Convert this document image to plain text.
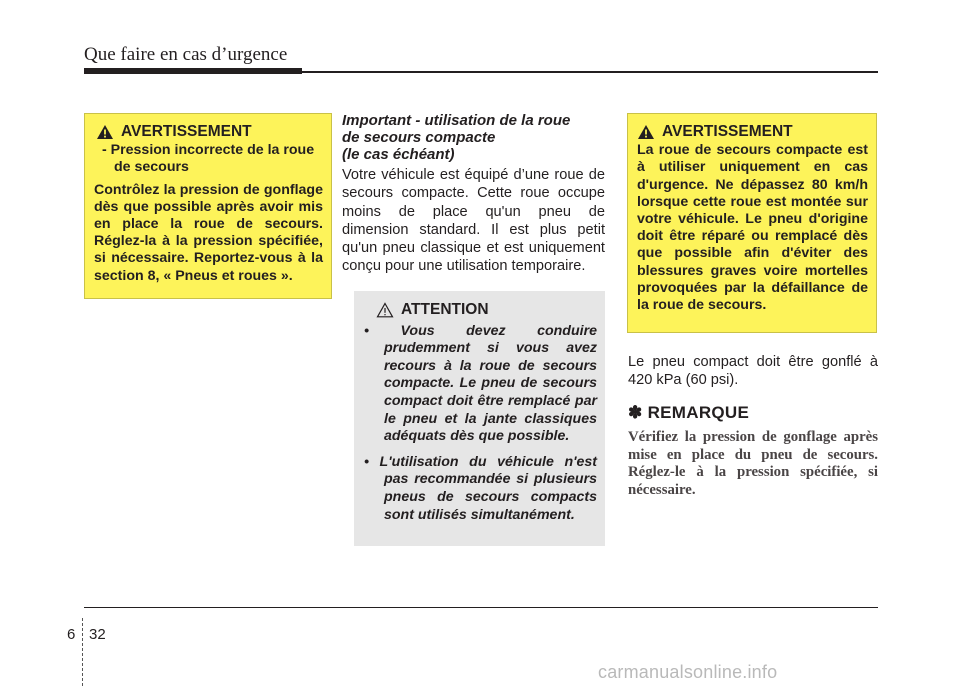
Que faire en cas d’urgence
AVERTISSEMENT
- Pression incorrecte de la roue de secours
Contrôlez la pression de gonflage dès que possible après avoir mis en place la roue de secours. Réglez-la à la pression spécifiée, si nécessaire. Reportez-vous à la section 8, « Pneus et roues ».
Important - utilisation de la roue
de secours compacte
(le cas échéant)
Votre véhicule est équipé d’une roue de secours compacte. Cette roue occupe moins de place qu'un pneu de dimension standard. Il est plus petit qu'un pneu classique et est uniquement conçu pour une utilisation temporaire.
ATTENTION
• Vous devez conduire prudemment si vous avez recours à la roue de secours compacte. Le pneu de secours compact doit être remplacé par le pneu et la jante classiques adéquats dès que possible.
• L'utilisation du véhicule n'est pas recommandée si plusieurs pneus de secours compacts sont utilisés simultanément.
AVERTISSEMENT
La roue de secours compacte est à utiliser uniquement en cas d'urgence. Ne dépassez 80 km/h lorsque cette roue est montée sur votre véhicule. Le pneu d'origine doit être réparé ou remplacé dès que possible afin d'éviter des blessures graves voire mortelles provoquées par la défaillance de la roue de secours.
Le pneu compact doit être gonflé à 420 kPa (60 psi).
✽ REMARQUE
Vérifiez la pression de gonflage après mise en place du pneu de secours. Réglez-le à la pression spécifiée, si nécessaire.
6 32
carmanualsonline.info
